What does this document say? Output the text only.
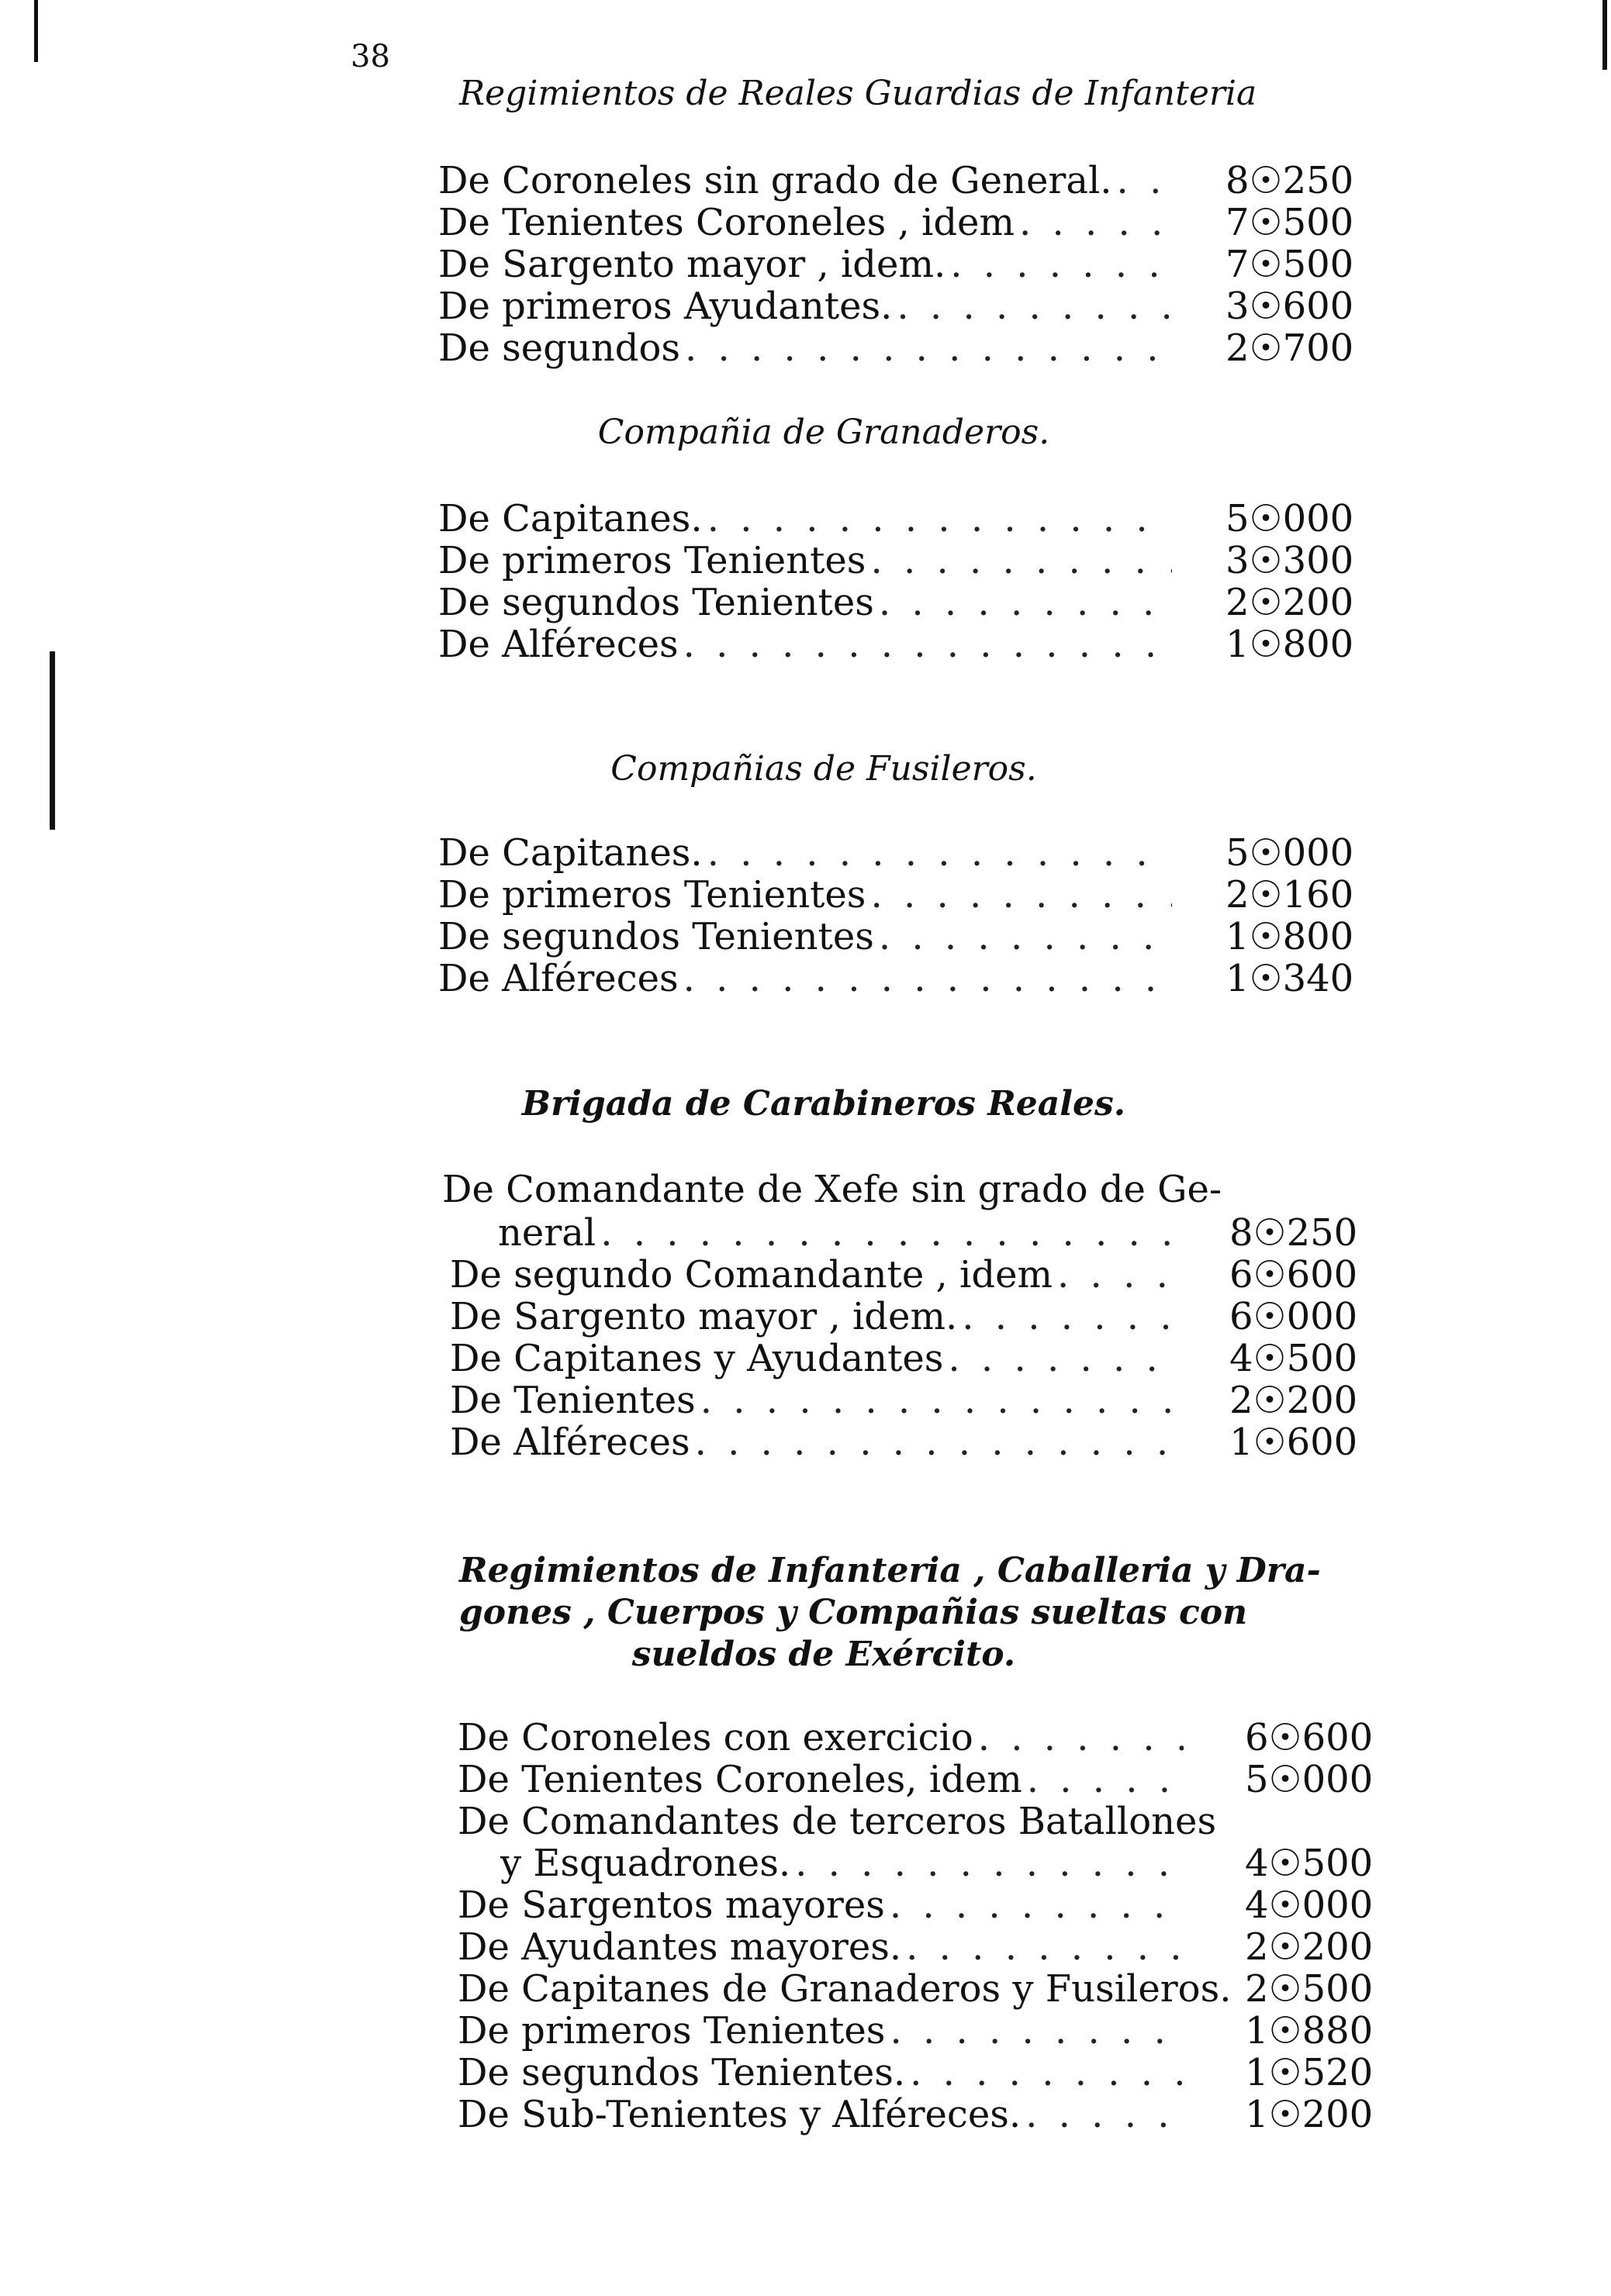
38
Regimientos de Reales Guardias de Infanteria
De Coroneles sin grado de General.
. . .
De Tenientes Coroneles , idem
. . .
De Sargento mayor , idem.
. . .
De primeros Ayudantes.
. . .
De segundos
. . .
8☉250
7☉500
7☉500
3☉600
2☉700
Compañia de Granaderos.
De Capitanes.
. . .
De primeros Tenientes
. . .
De segundos Tenientes
. . .
De Alféreces
. . .
5☉000
3☉300
2☉200
1☉800
Compañias de Fusileros.
De Capitanes.
. . .
De primeros Tenientes
. . .
De segundos Tenientes
. . .
De Alféreces
. . .
5☉000
2☉160
1☉800
1☉340
Brigada de Carabineros Reales.
De Comandante de Xefe sin grado de Ge-
neral
. . .
De segundo Comandante , idem
. . .
De Sargento mayor , idem.
. . .
De Capitanes y Ayudantes
. . .
De Tenientes
. . .
De Alféreces
. . .
8☉250
6☉600
6☉000
4☉500
2☉200
1☉600
Regimientos de Infanteria , Caballeria y Dra-
gones , Cuerpos y Compañias sueltas con
sueldos de Exército.
De Coroneles con exercicio
. . .
De Tenientes Coroneles, idem
. . .
De Comandantes de terceros Batallones
y Esquadrones.
. . .
De Sargentos mayores
. . .
De Ayudantes mayores.
. . .
De Capitanes de Granaderos y Fusileros.
De primeros Tenientes
. . .
De segundos Tenientes.
. . .
De Sub-Tenientes y Alféreces.
. . .
6☉600
5☉000
4☉500
4☉000
2☉200
2☉500
1☉880
1☉520
1☉200
